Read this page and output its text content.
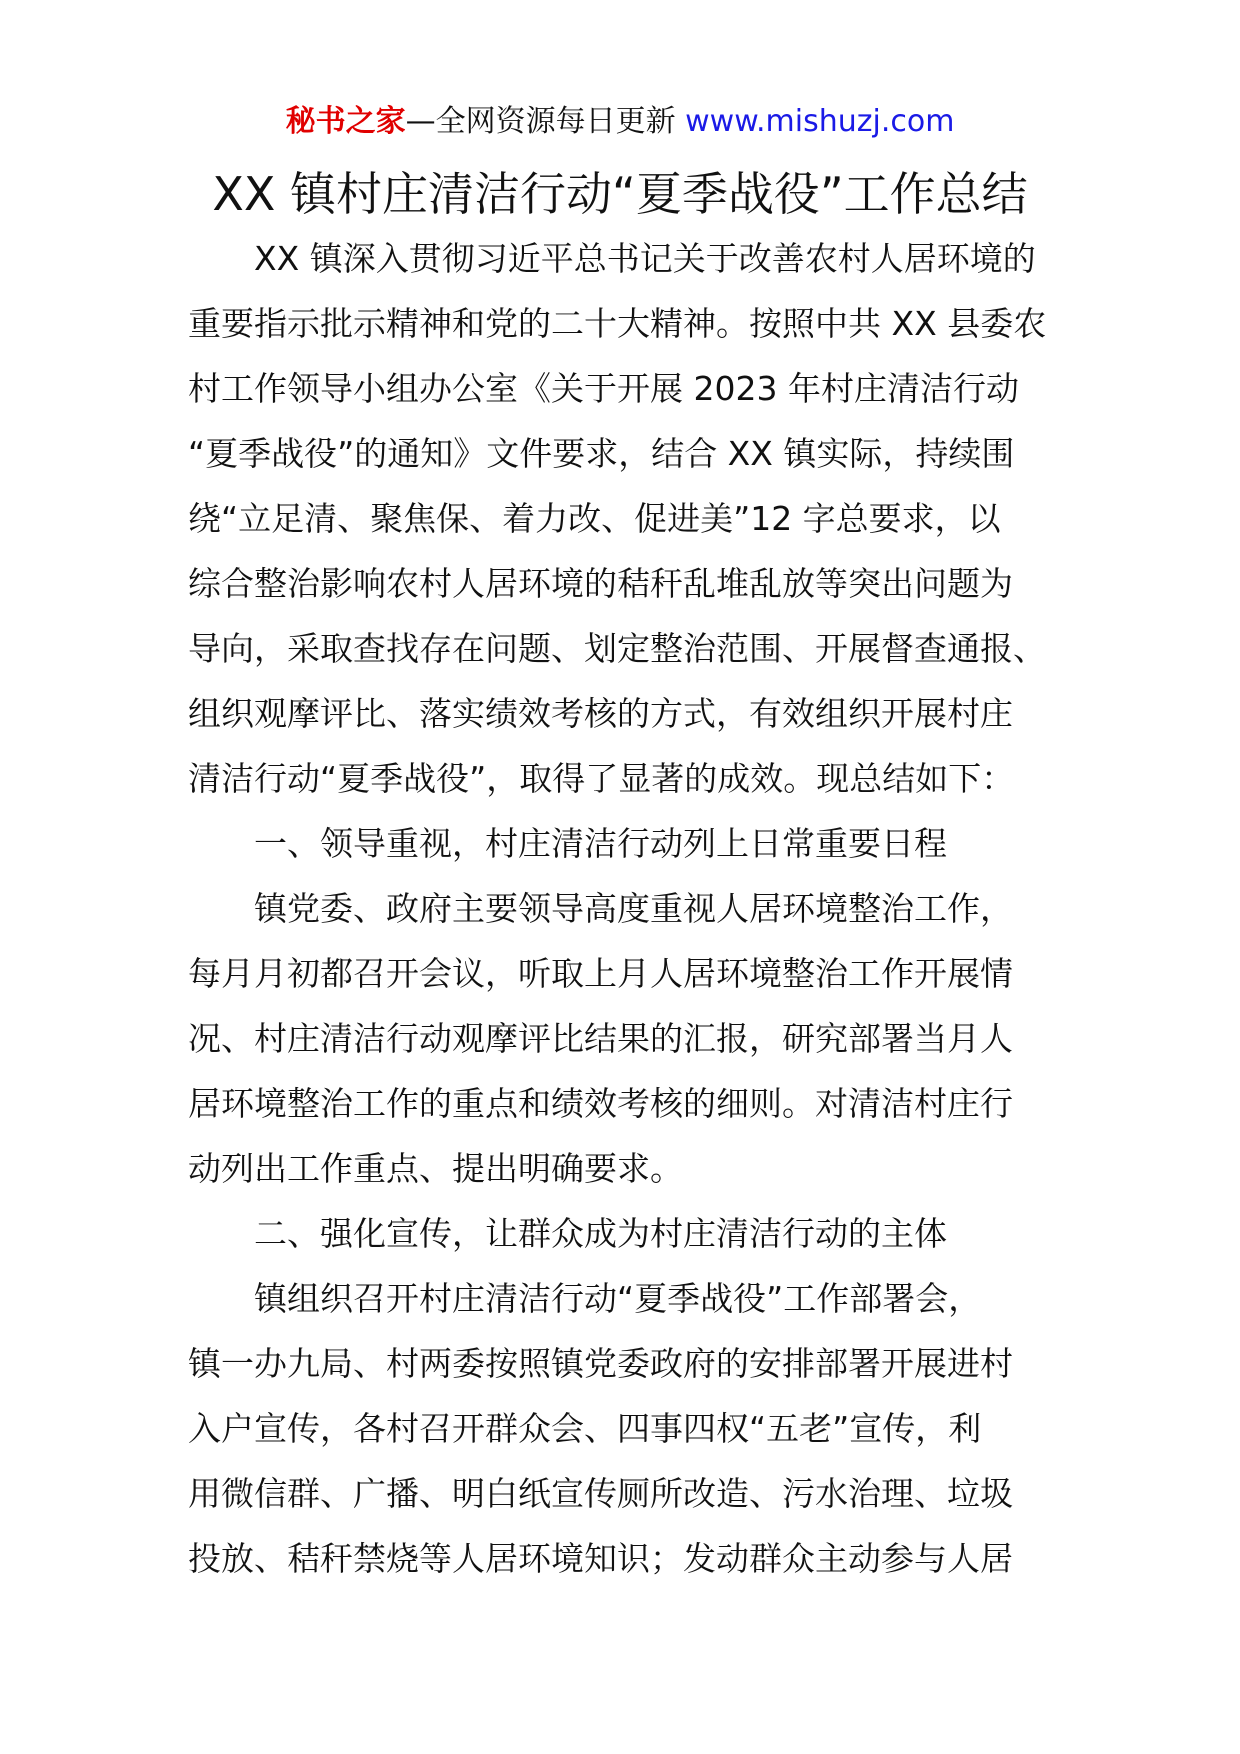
秘书之家—全网资源每日更新 www.mishuzj.com
XX 镇村庄清洁行动“夏季战役”工作总结

XX 镇深入贯彻习近平总书记关于改善农村人居环境的
重要指示批示精神和党的二十大精神。按照中共 XX 县委农
村工作领导小组办公室《关于开展 2023 年村庄清洁行动
“夏季战役”的通知》文件要求，结合 XX 镇实际，持续围
绕“立足清、聚焦保、着力改、促进美”12 字总要求，以
综合整治影响农村人居环境的秸秆乱堆乱放等突出问题为
导向，采取查找存在问题、划定整治范围、开展督查通报、
组织观摩评比、落实绩效考核的方式，有效组织开展村庄
清洁行动“夏季战役”，取得了显著的成效。现总结如下：

一、领导重视，村庄清洁行动列上日常重要日程

镇党委、政府主要领导高度重视人居环境整治工作，
每月月初都召开会议，听取上月人居环境整治工作开展情
况、村庄清洁行动观摩评比结果的汇报，研究部署当月人
居环境整治工作的重点和绩效考核的细则。对清洁村庄行
动列出工作重点、提出明确要求。

二、强化宣传，让群众成为村庄清洁行动的主体

镇组织召开村庄清洁行动“夏季战役”工作部署会，
镇一办九局、村两委按照镇党委政府的安排部署开展进村
入户宣传，各村召开群众会、四事四权“五老”宣传，利
用微信群、广播、明白纸宣传厕所改造、污水治理、垃圾
投放、秸秆禁烧等人居环境知识；发动群众主动参与人居
